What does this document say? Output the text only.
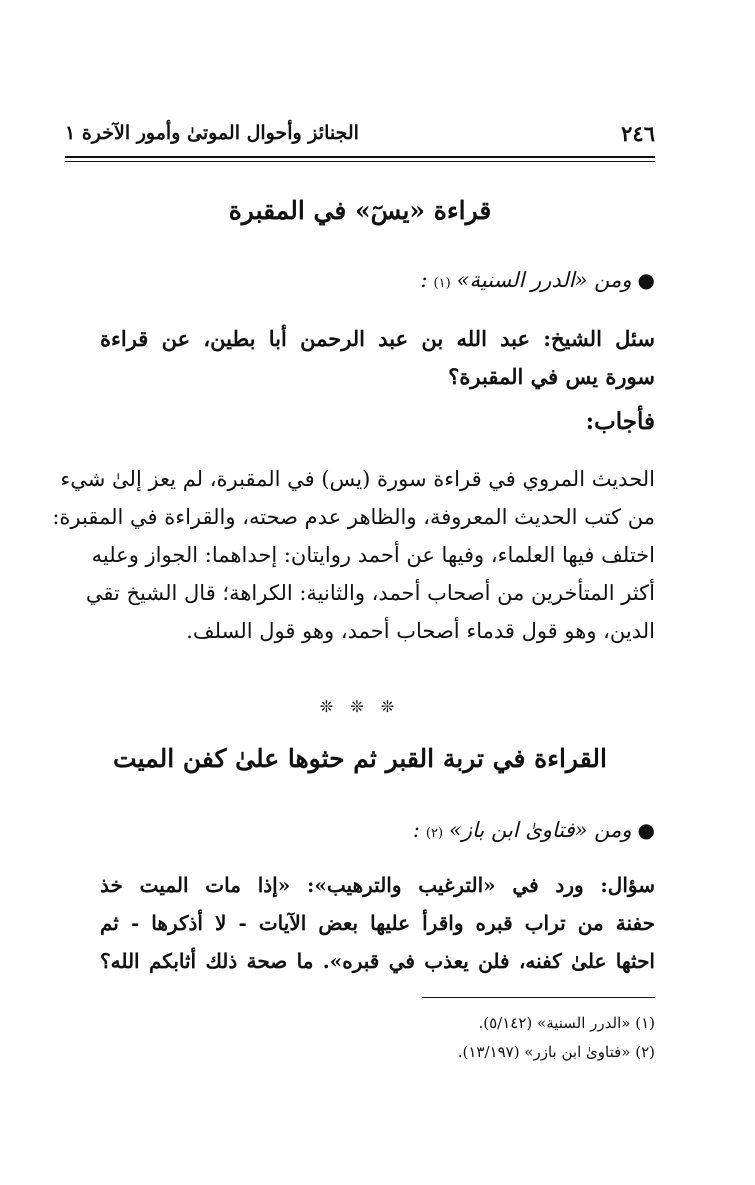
٢٤٦
الجنائز وأحوال الموتىٰ وأمور الآخرة ١
قراءة «يسٓ» في المقبرة
●
ومن «الدرر السنية»
(١)
:
سئل الشيخ: عبد الله بن عبد الرحمن أبا بطين، عن قراءة
سورة يس في المقبرة؟
فأجاب:
الحديث المروي في قراءة سورة (يس) في المقبرة، لم يعز إلىٰ شيء
من كتب الحديث المعروفة، والظاهر عدم صحته، والقراءة في المقبرة:
اختلف فيها العلماء، وفيها عن أحمد روايتان: إحداهما: الجواز وعليه
أكثر المتأخرين من أصحاب أحمد، والثانية: الكراهة؛ قال الشيخ تقي
الدين، وهو قول قدماء أصحاب أحمد، وهو قول السلف.
❊ ❊ ❊
القراءة في تربة القبر ثم حثوها علىٰ كفن الميت
●
ومن «فتاوىٰ ابن باز»
(٢)
:
سؤال: ورد في «الترغيب والترهيب»: «إذا مات الميت خذ
حفنة من تراب قبره واقرأ عليها بعض الآيات - لا أذكرها - ثم
احثها علىٰ كفنه، فلن يعذب في قبره». ما صحة ذلك أثابكم الله؟
(١) «الدرر السنية» (٥/١٤٢).
(٢) «فتاوىٰ ابن بازر» (١٣/١٩٧).
